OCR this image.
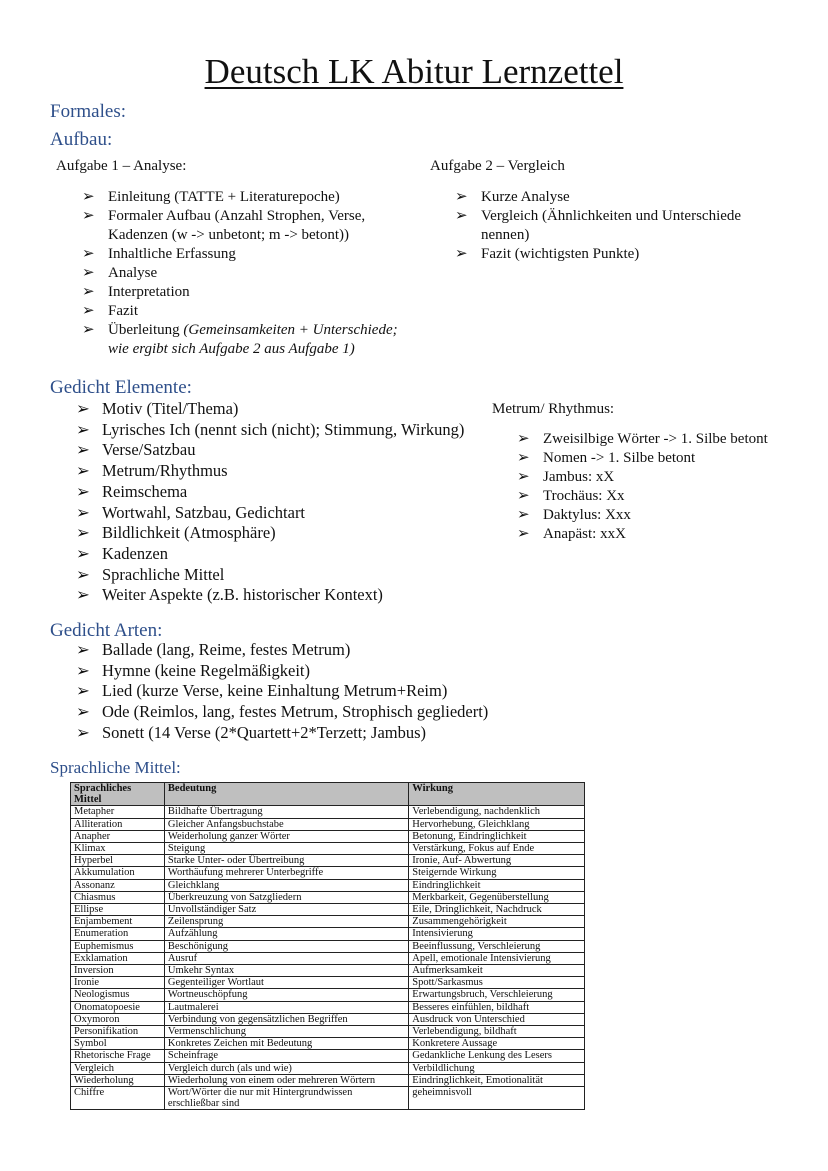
Deutsch LK Abitur Lernzettel
Formales:
Aufbau:
Aufgabe 1 – Analyse:
➢ Einleitung (TATTE + Literaturepoche)
➢ Formaler Aufbau (Anzahl Strophen, Verse, Kadenzen (w -> unbetont; m -> betont))
➢ Inhaltliche Erfassung
➢ Analyse
➢ Interpretation
➢ Fazit
➢ Überleitung (Gemeinsamkeiten + Unterschiede; wie ergibt sich Aufgabe 2 aus Aufgabe 1)
Aufgabe 2 – Vergleich
➢ Kurze Analyse
➢ Vergleich (Ähnlichkeiten und Unterschiede nennen)
➢ Fazit (wichtigsten Punkte)
Gedicht Elemente:
➢ Motiv (Titel/Thema)
➢ Lyrisches Ich (nennt sich (nicht); Stimmung, Wirkung)
➢ Verse/Satzbau
➢ Metrum/Rhythmus
➢ Reimschema
➢ Wortwahl, Satzbau, Gedichtart
➢ Bildlichkeit (Atmosphäre)
➢ Kadenzen
➢ Sprachliche Mittel
➢ Weiter Aspekte (z.B. historischer Kontext)
Metrum/ Rhythmus:
➢ Zweisilbige Wörter -> 1. Silbe betont
➢ Nomen -> 1. Silbe betont
➢ Jambus: xX
➢ Trochäus: Xx
➢ Daktylus: Xxx
➢ Anapäst: xxX
Gedicht Arten:
➢ Ballade (lang, Reime, festes Metrum)
➢ Hymne (keine Regelmäßigkeit)
➢ Lied (kurze Verse, keine Einhaltung Metrum+Reim)
➢ Ode (Reimlos, lang, festes Metrum, Strophisch gegliedert)
➢ Sonett (14 Verse (2*Quartett+2*Terzett; Jambus)
Sprachliche Mittel:
Sprachliches Mittel	Bedeutung	Wirkung
Metapher	Bildhafte Übertragung	Verlebendigung, nachdenklich
Alliteration	Gleicher Anfangsbuchstabe	Hervorhebung, Gleichklang
Anapher	Weiderholung ganzer Wörter	Betonung, Eindringlichkeit
Klimax	Steigung	Verstärkung, Fokus auf Ende
Hyperbel	Starke Unter- oder Übertreibung	Ironie, Auf- Abwertung
Akkumulation	Worthäufung mehrerer Unterbegriffe	Steigernde Wirkung
Assonanz	Gleichklang	Eindringlichkeit
Chiasmus	Überkreuzung von Satzgliedern	Merkbarkeit, Gegenüberstellung
Ellipse	Unvollständiger Satz	Eile, Dringlichkeit, Nachdruck
Enjambement	Zeilensprung	Zusammengehörigkeit
Enumeration	Aufzählung	Intensivierung
Euphemismus	Beschönigung	Beeinflussung, Verschleierung
Exklamation	Ausruf	Apell, emotionale Intensivierung
Inversion	Umkehr Syntax	Aufmerksamkeit
Ironie	Gegenteiliger Wortlaut	Spott/Sarkasmus
Neologismus	Wortneuschöpfung	Erwartungsbruch, Verschleierung
Onomatopoesie	Lautmalerei	Besseres einfühlen, bildhaft
Oxymoron	Verbindung von gegensätzlichen Begriffen	Ausdruck von Unterschied
Personifikation	Vermenschlichung	Verlebendigung, bildhaft
Symbol	Konkretes Zeichen mit Bedeutung	Konkretere Aussage
Rhetorische Frage	Scheinfrage	Gedankliche Lenkung des Lesers
Vergleich	Vergleich durch (als und wie)	Verbildlichung
Wiederholung	Wiederholung von einem oder mehreren Wörtern	Eindringlichkeit, Emotionalität
Chiffre	Wort/Wörter die nur mit Hintergrundwissen erschließbar sind	geheimnisvoll
